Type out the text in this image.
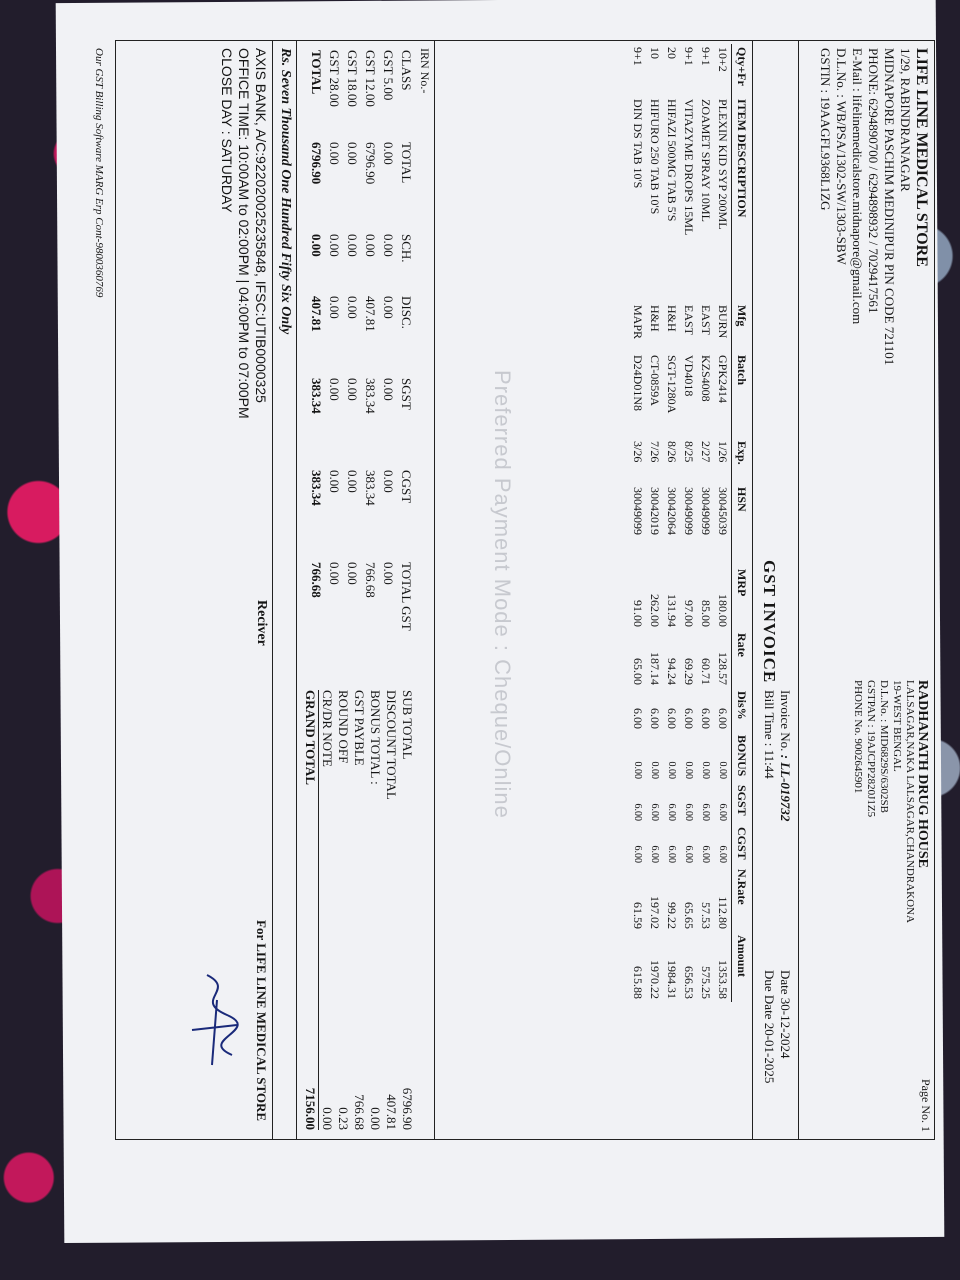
LIFE LINE MEDICAL STORE
1/29, RABINDRANAGAR
MIDNAPORE PASCHIM MEDINIPUR PIN CODE 721101
PHONE: 6294890700 / 6294898932 / 7029417561
E-Mail : lifelinemedicalstore.midnapore@gmail.com
D.L.No. : WB/PSA/1302-SW/1303-SBW
GSTIN : 19AAGFL9368L1ZG
RADHANATH DRUG HOUSE
LALSAGAR,NAKA LALSAGAR,CHANDRAKONA
19-WEST BENGAL
D.L.No. : MID6829S/6302SB
GSTPAN : 19AJCPP2820J1Z5
PHONE No. 9002645901
Page No. 1
GST INVOICE
Invoice No. : LL-019732
Bill Time : 11:44
Date 30-12-2024
Due Date 20-01-2025
Qty+Fr	ITEM DESCRIPTION	Mfg	Batch	Exp.	HSN	MRP	Rate	Dis%	BONUS	SGST	CGST	N.Rate	Amount
10+2	PLEXIN KID SYP 200ML	BURN	GPK2414	1/26	30045039	180.00	128.57	6.00	0.00	6.00	6.00	112.80	1353.58
9+1	ZOAMET SPRAY 10ML	EAST	KZS4008	2/27	30049099	85.00	60.71	6.00	0.00	6.00	6.00	57.53	575.25
9+1	VITAZYME DROPS 15ML	EAST	VD4018	8/25	30049099	97.00	69.29	6.00	0.00	6.00	6.00	65.65	656.53
20	HIFAZI 500MG TAB 5'S	H&H	SGT-1280A	8/26	30042064	131.94	94.24	6.00	0.00	6.00	6.00	99.22	1984.31
10	HIFURO 250 TAB 10'S	H&H	CT-0859A	7/26	30042019	262.00	187.14	6.00	0.00	6.00	6.00	197.02	1970.22
9+1	DIN DS TAB 10'S	MAPR	D24D01N8	3/26	30049099	91.00	65.00	6.00	0.00	6.00	6.00	61.59	615.88
Preferred Payment Mode : Cheque/Online
IRN No.-
CLASS	TOTAL	SCH.	DISC.	SGST	CGST	TOTAL GST
GST 5.00	0.00	0.00	0.00	0.00	0.00	0.00
GST 12.00	6796.90	0.00	407.81	383.34	383.34	766.68
GST 18.00	0.00	0.00	0.00	0.00	0.00	0.00
GST 28.00	0.00	0.00	0.00	0.00	0.00	0.00
TOTAL	6796.90	0.00	407.81	383.34	383.34	766.68
SUB TOTAL
6796.90
DISCOUNT TOTAL
407.81
BONUS TOTAL :
0.00
GST PAYBLE
766.68
ROUND OFF
0.23
CR/DR NOTE
0.00
GRAND TOTAL
7156.00
Rs. Seven Thousand One Hundred Fifty Six Only
AXIS BANK, A/C:922020025235848, IFSC:UTIB0000325
OFFICE TIME: 10:00AM to 02:00PM | 04:00PM to 07:00PM
CLOSE DAY : SATURDAY
Reciver
For LIFE LINE MEDICAL STORE
Our GST Billing Software MARG Erp Cont-9800360769
